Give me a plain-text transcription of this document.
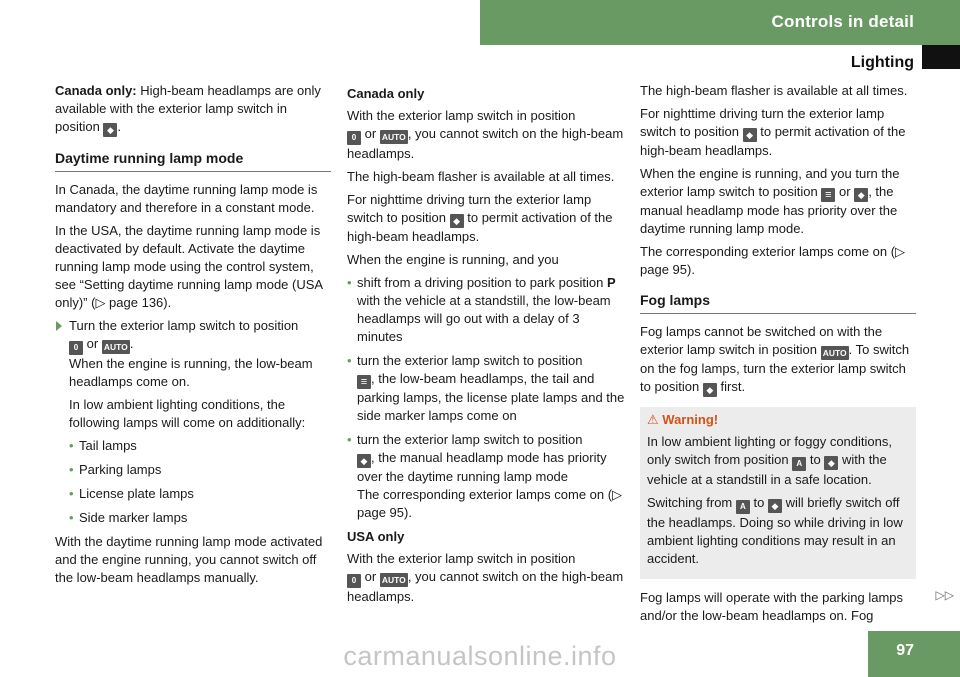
Controls in detail
Lighting

Canada only: High-beam headlamps are only available with the exterior lamp switch in position ◆ .

Daytime running lamp mode

In Canada, the daytime running lamp mode is mandatory and therefore in a constant mode.

In the USA, the daytime running lamp mode is deactivated by default. Activate the daytime running lamp mode using the control system, see “Setting daytime running lamp mode (USA only)” (▷ page 136).

Turn the exterior lamp switch to position
0 or AUTO .
When the engine is running, the low-beam headlamps come on.

In low ambient lighting conditions, the following lamps will come on additionally:

• Tail lamps
• Parking lamps
• License plate lamps
• Side marker lamps

With the daytime running lamp mode activated and the engine running, you cannot switch off the low-beam headlamps manually.

Canada only

With the exterior lamp switch in position
0 or AUTO , you cannot switch on the high-beam headlamps.

The high-beam flasher is available at all times.

For nighttime driving turn the exterior lamp switch to position ◆ to permit activation of the high-beam headlamps.

When the engine is running, and you

• shift from a driving position to park position P with the vehicle at a standstill, the low-beam headlamps will go out with a delay of 3 minutes
• turn the exterior lamp switch to position
≡, the low-beam headlamps, the tail and parking lamps, the license plate lamps and the side marker lamps come on
• turn the exterior lamp switch to position
◆, the manual headlamp mode has priority over the daytime running lamp mode
The corresponding exterior lamps come on (▷ page 95).
USA only

With the exterior lamp switch in position
0 or AUTO , you cannot switch on the high-beam headlamps.

The high-beam flasher is available at all times.

For nighttime driving turn the exterior lamp switch to position ◆ to permit activation of the high-beam headlamps.

When the engine is running, and you turn the exterior lamp switch to position ≡ or ◆ , the manual headlamp mode has priority over the daytime running lamp mode.

The corresponding exterior lamps come on (▷ page 95).

Fog lamps

Fog lamps cannot be switched on with the exterior lamp switch in position AUTO . To switch on the fog lamps, turn the exterior lamp switch to position ◆ first.

⚠ Warning!

In low ambient lighting or foggy conditions, only switch from position A to ◆ with the vehicle at a standstill in a safe location.

Switching from A to ◆ will briefly switch off the headlamps. Doing so while driving in low ambient lighting conditions may result in an accident.

Fog lamps will operate with the parking lamps and/or the low-beam headlamps on. Fog

▷▷
97
carmanualsonline.info
